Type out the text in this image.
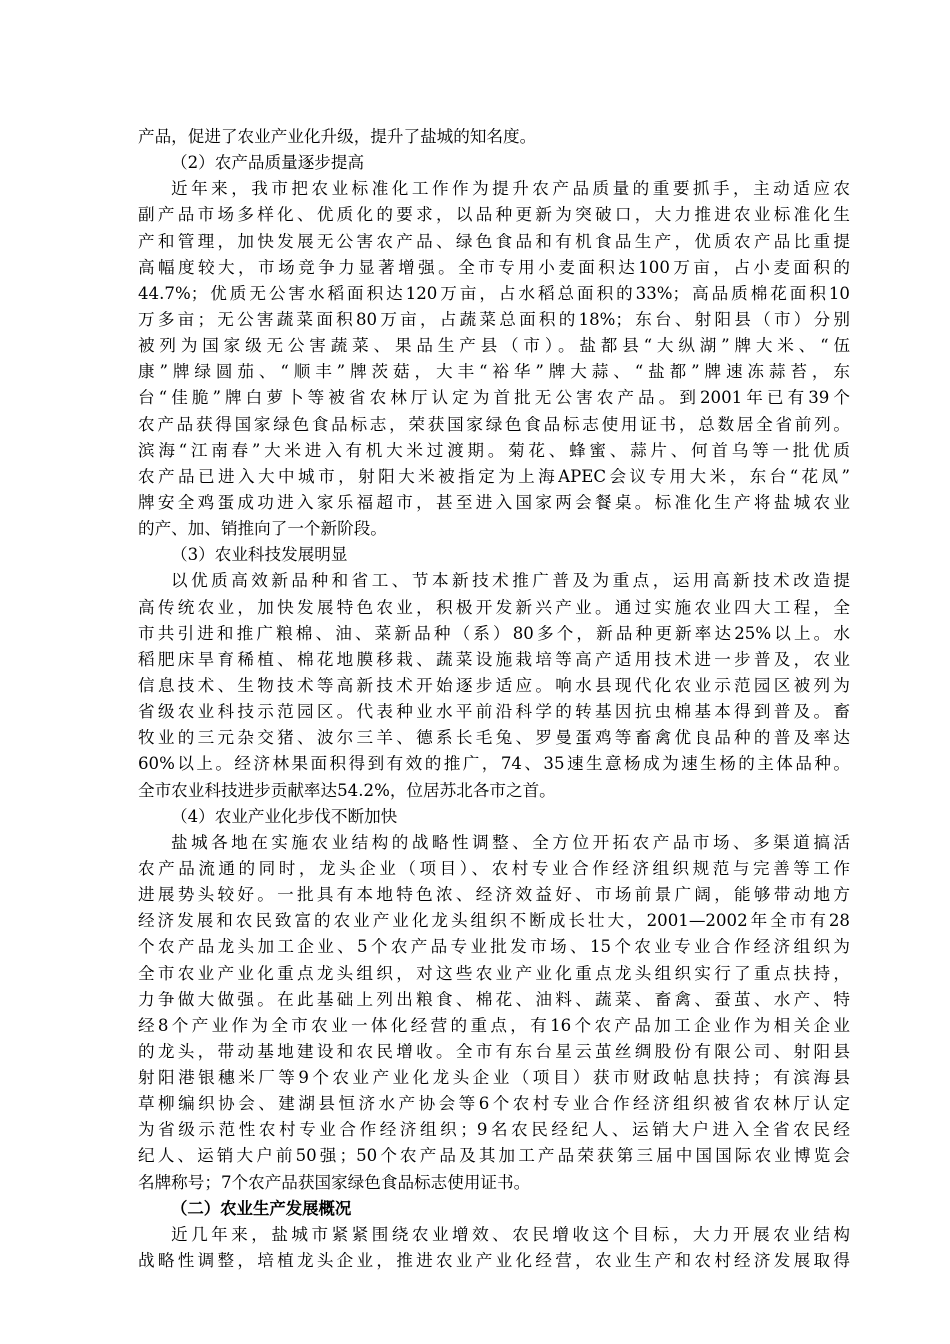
产品，促进了农业产业化升级，提升了盐城的知名度。
（2）农产品质量逐步提高
近年来，我市把农业标准化工作作为提升农产品质量的重要抓手，主动适应农
副产品市场多样化、优质化的要求，以品种更新为突破口，大力推进农业标准化生
产和管理，加快发展无公害农产品、绿色食品和有机食品生产，优质农产品比重提
高幅度较大，市场竞争力显著增强。全市专用小麦面积达100万亩，占小麦面积的
44.7%；优质无公害水稻面积达120万亩，占水稻总面积的33%；高品质棉花面积10
万多亩；无公害蔬菜面积80万亩，占蔬菜总面积的18%；东台、射阳县（市）分别
被列为国家级无公害蔬菜、果品生产县（市）。盐都县“大纵湖”牌大米、“伍
康”牌绿圆茄、“顺丰”牌茨菇，大丰“裕华”牌大蒜、“盐都”牌速冻蒜苔，东
台“佳脆”牌白萝卜等被省农林厅认定为首批无公害农产品。到2001年已有39个
农产品获得国家绿色食品标志，荣获国家绿色食品标志使用证书，总数居全省前列。
滨海“江南春”大米进入有机大米过渡期。菊花、蜂蜜、蒜片、何首乌等一批优质
农产品已进入大中城市，射阳大米被指定为上海APEC会议专用大米，东台“花凤”
牌安全鸡蛋成功进入家乐福超市，甚至进入国家两会餐桌。标准化生产将盐城农业
的产、加、销推向了一个新阶段。
（3）农业科技发展明显
以优质高效新品种和省工、节本新技术推广普及为重点，运用高新技术改造提
高传统农业，加快发展特色农业，积极开发新兴产业。通过实施农业四大工程，全
市共引进和推广粮棉、油、菜新品种（系）80多个，新品种更新率达25%以上。水
稻肥床旱育稀植、棉花地膜移栽、蔬菜设施栽培等高产适用技术进一步普及，农业
信息技术、生物技术等高新技术开始逐步适应。响水县现代化农业示范园区被列为
省级农业科技示范园区。代表种业水平前沿科学的转基因抗虫棉基本得到普及。畜
牧业的三元杂交猪、波尔三羊、德系长毛兔、罗曼蛋鸡等畜禽优良品种的普及率达
60%以上。经济林果面积得到有效的推广，74、35速生意杨成为速生杨的主体品种。
全市农业科技进步贡献率达54.2%，位居苏北各市之首。
（4）农业产业化步伐不断加快
盐城各地在实施农业结构的战略性调整、全方位开拓农产品市场、多渠道搞活
农产品流通的同时，龙头企业（项目）、农村专业合作经济组织规范与完善等工作
进展势头较好。一批具有本地特色浓、经济效益好、市场前景广阔，能够带动地方
经济发展和农民致富的农业产业化龙头组织不断成长壮大，2001—2002年全市有28
个农产品龙头加工企业、5个农产品专业批发市场、15个农业专业合作经济组织为
全市农业产业化重点龙头组织，对这些农业产业化重点龙头组织实行了重点扶持，
力争做大做强。在此基础上列出粮食、棉花、油料、蔬菜、畜禽、蚕茧、水产、特
经8个产业作为全市农业一体化经营的重点，有16个农产品加工企业作为相关企业
的龙头，带动基地建设和农民增收。全市有东台星云茧丝绸股份有限公司、射阳县
射阳港银穗米厂等9个农业产业化龙头企业（项目）获市财政帖息扶持；有滨海县
草柳编织协会、建湖县恒济水产协会等6个农村专业合作经济组织被省农林厅认定
为省级示范性农村专业合作经济组织；9名农民经纪人、运销大户进入全省农民经
纪人、运销大户前50强；50个农产品及其加工产品荣获第三届中国国际农业博览会
名牌称号；7个农产品获国家绿色食品标志使用证书。
（二）农业生产发展概况
近几年来，盐城市紧紧围绕农业增效、农民增收这个目标，大力开展农业结构
战略性调整，培植龙头企业，推进农业产业化经营，农业生产和农村经济发展取得
